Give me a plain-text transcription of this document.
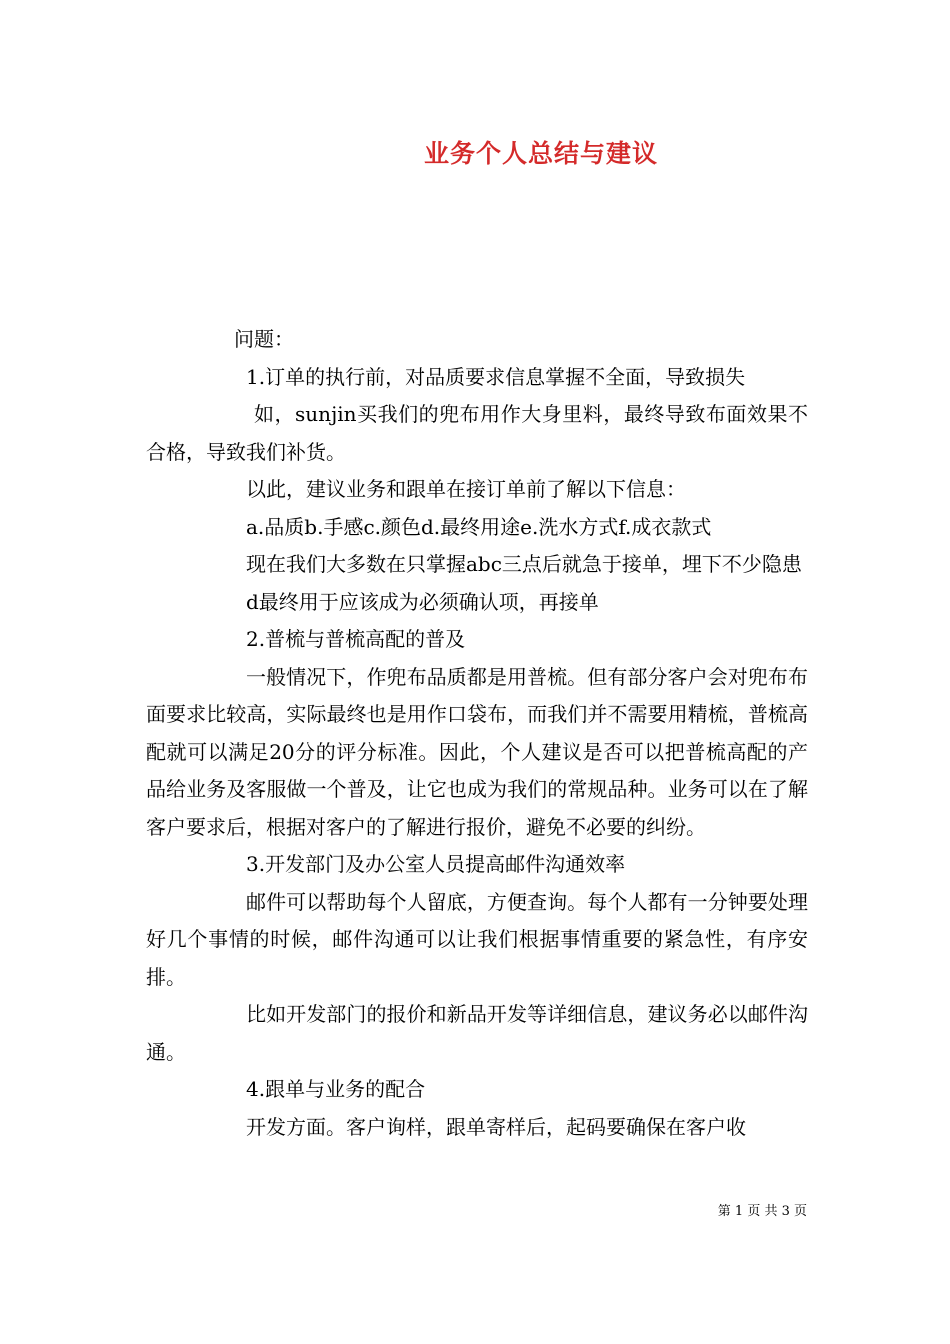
业务个人总结与建议

问题：

1.订单的执行前，对品质要求信息掌握不全面，导致损失

如，sunjin买我们的兜布用作大身里料，最终导致布面效果不合格，导致我们补货。

以此，建议业务和跟单在接订单前了解以下信息：

a.品质b.手感c.颜色d.最终用途e.洗水方式f.成衣款式

现在我们大多数在只掌握abc三点后就急于接单，埋下不少隐患

d最终用于应该成为必须确认项，再接单

2.普梳与普梳高配的普及

一般情况下，作兜布品质都是用普梳。但有部分客户会对兜布布面要求比较高，实际最终也是用作口袋布，而我们并不需要用精梳，普梳高配就可以满足20分的评分标准。因此，个人建议是否可以把普梳高配的产品给业务及客服做一个普及，让它也成为我们的常规品种。业务可以在了解客户要求后，根据对客户的了解进行报价，避免不必要的纠纷。

3.开发部门及办公室人员提高邮件沟通效率

邮件可以帮助每个人留底，方便查询。每个人都有一分钟要处理好几个事情的时候，邮件沟通可以让我们根据事情重要的紧急性，有序安排。

比如开发部门的报价和新品开发等详细信息，建议务必以邮件沟通。

4.跟单与业务的配合

开发方面。客户询样，跟单寄样后，起码要确保在客户收

第 1 页 共 3 页
